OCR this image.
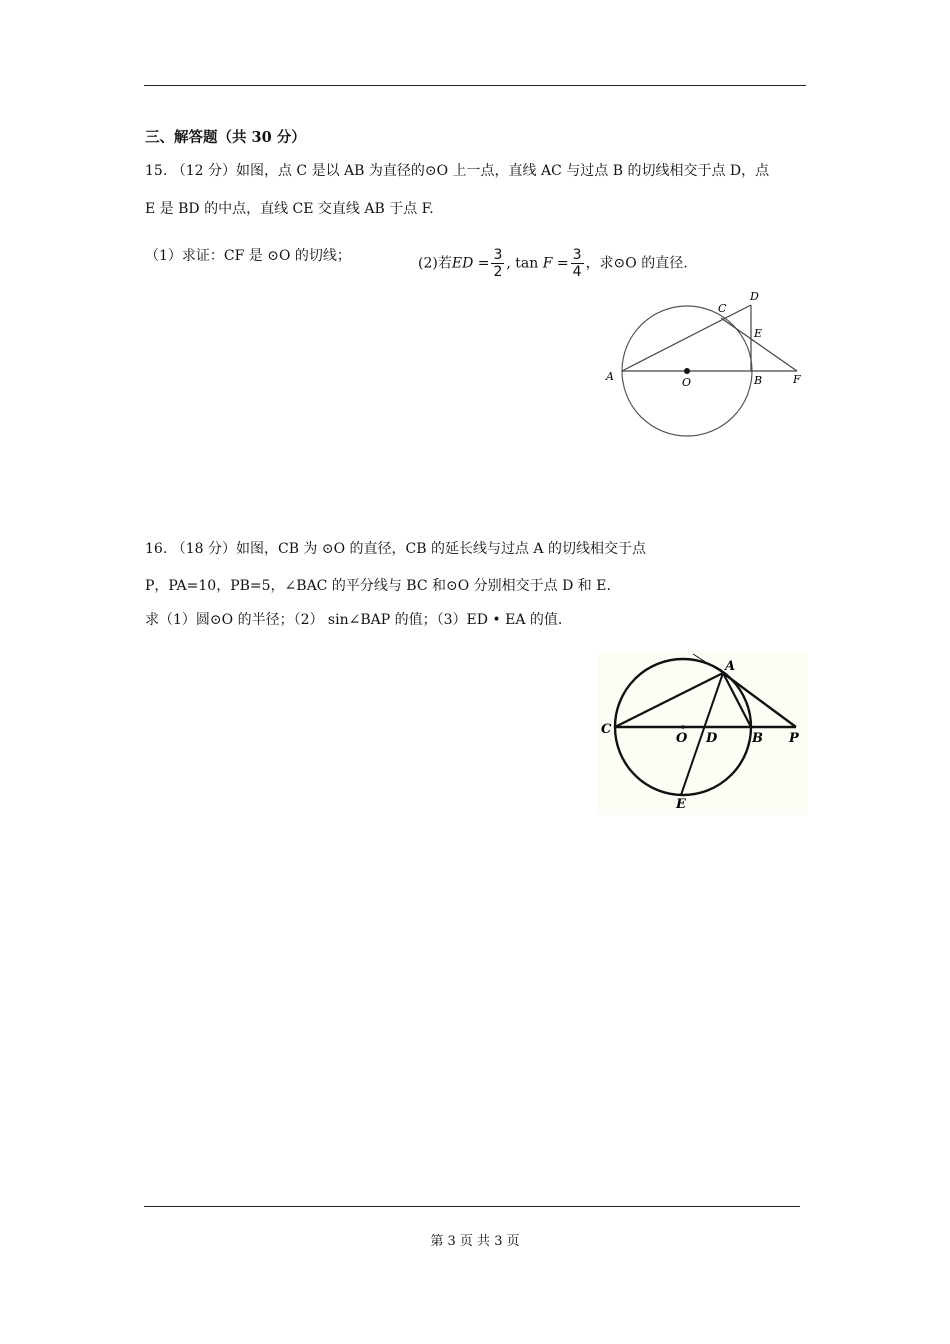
三、解答题（共 30 分）
15. （12 分）如图，点 C 是以 AB 为直径的⊙O 上一点，直线 AC 与过点 B 的切线相交于点 D，点
E 是 BD 的中点，直线 CE 交直线 AB 于点 F.
（1）求证：CF 是 ⊙O 的切线；	(2)若ED = $\frac{3}{2}$ , $\tan F = \frac{3}{4}$ ，求⊙O 的直径.
A	O	B	F
C
D
E
16. （18 分）如图，CB 为 ⊙O 的直径，CB 的延长线与过点 A 的切线相交于点
P，PA=10，PB=5，∠BAC 的平分线与 BC 和⊙O 分别相交于点 D 和 E.
求（1）圆⊙O 的半径；（2） sin∠BAP 的值；（3）ED • EA 的值.
A
C
O D	B P
E
第 3 页 共 3 页
